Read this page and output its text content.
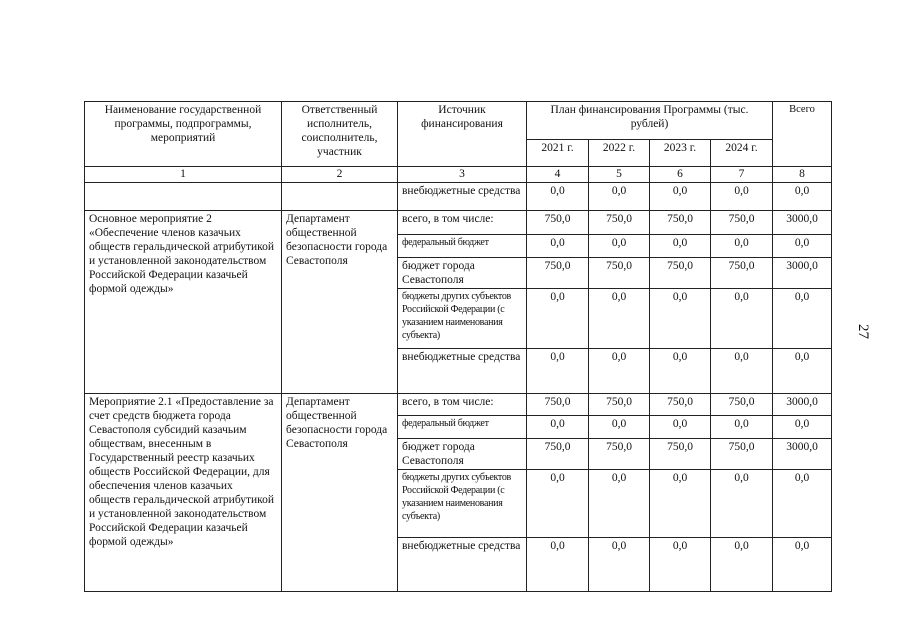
Наименование государственной программы, подпрограммы, мероприятий	Ответственный исполнитель, соисполнитель, участник	Источник финансирования	План финансирования Программы (тыс. рублей)				Всего
			2021 г.	2022 г.	2023 г.	2024 г.	
1	2	3	4	5	6	7	8
		внебюджетные средства	0,0	0,0	0,0	0,0	0,0
Основное мероприятие 2 «Обеспечение членов казачьих обществ геральдической атрибутикой и установленной законодательством Российской Федерации казачьей формой одежды»	Департамент общественной безопасности города Севастополя	всего, в том числе:	750,0	750,0	750,0	750,0	3000,0
		федеральный бюджет	0,0	0,0	0,0	0,0	0,0
		бюджет города Севастополя	750,0	750,0	750,0	750,0	3000,0
		бюджеты других субъектов Российской Федерации (с указанием наименования субъекта)	0,0	0,0	0,0	0,0	0,0
		внебюджетные средства	0,0	0,0	0,0	0,0	0,0
Мероприятие 2.1 «Предоставление за счет средств бюджета города Севастополя субсидий казачьим обществам, внесенным в Государственный реестр казачьих обществ Российской Федерации, для обеспечения членов казачьих обществ геральдической атрибутикой и установленной законодательством Российской Федерации казачьей формой одежды»	Департамент общественной безопасности города Севастополя	всего, в том числе:	750,0	750,0	750,0	750,0	3000,0
		федеральный бюджет	0,0	0,0	0,0	0,0	0,0
		бюджет города Севастополя	750,0	750,0	750,0	750,0	3000,0
		бюджеты других субъектов Российской Федерации (с указанием наименования субъекта)	0,0	0,0	0,0	0,0	0,0
		внебюджетные средства	0,0	0,0	0,0	0,0	0,0
27
